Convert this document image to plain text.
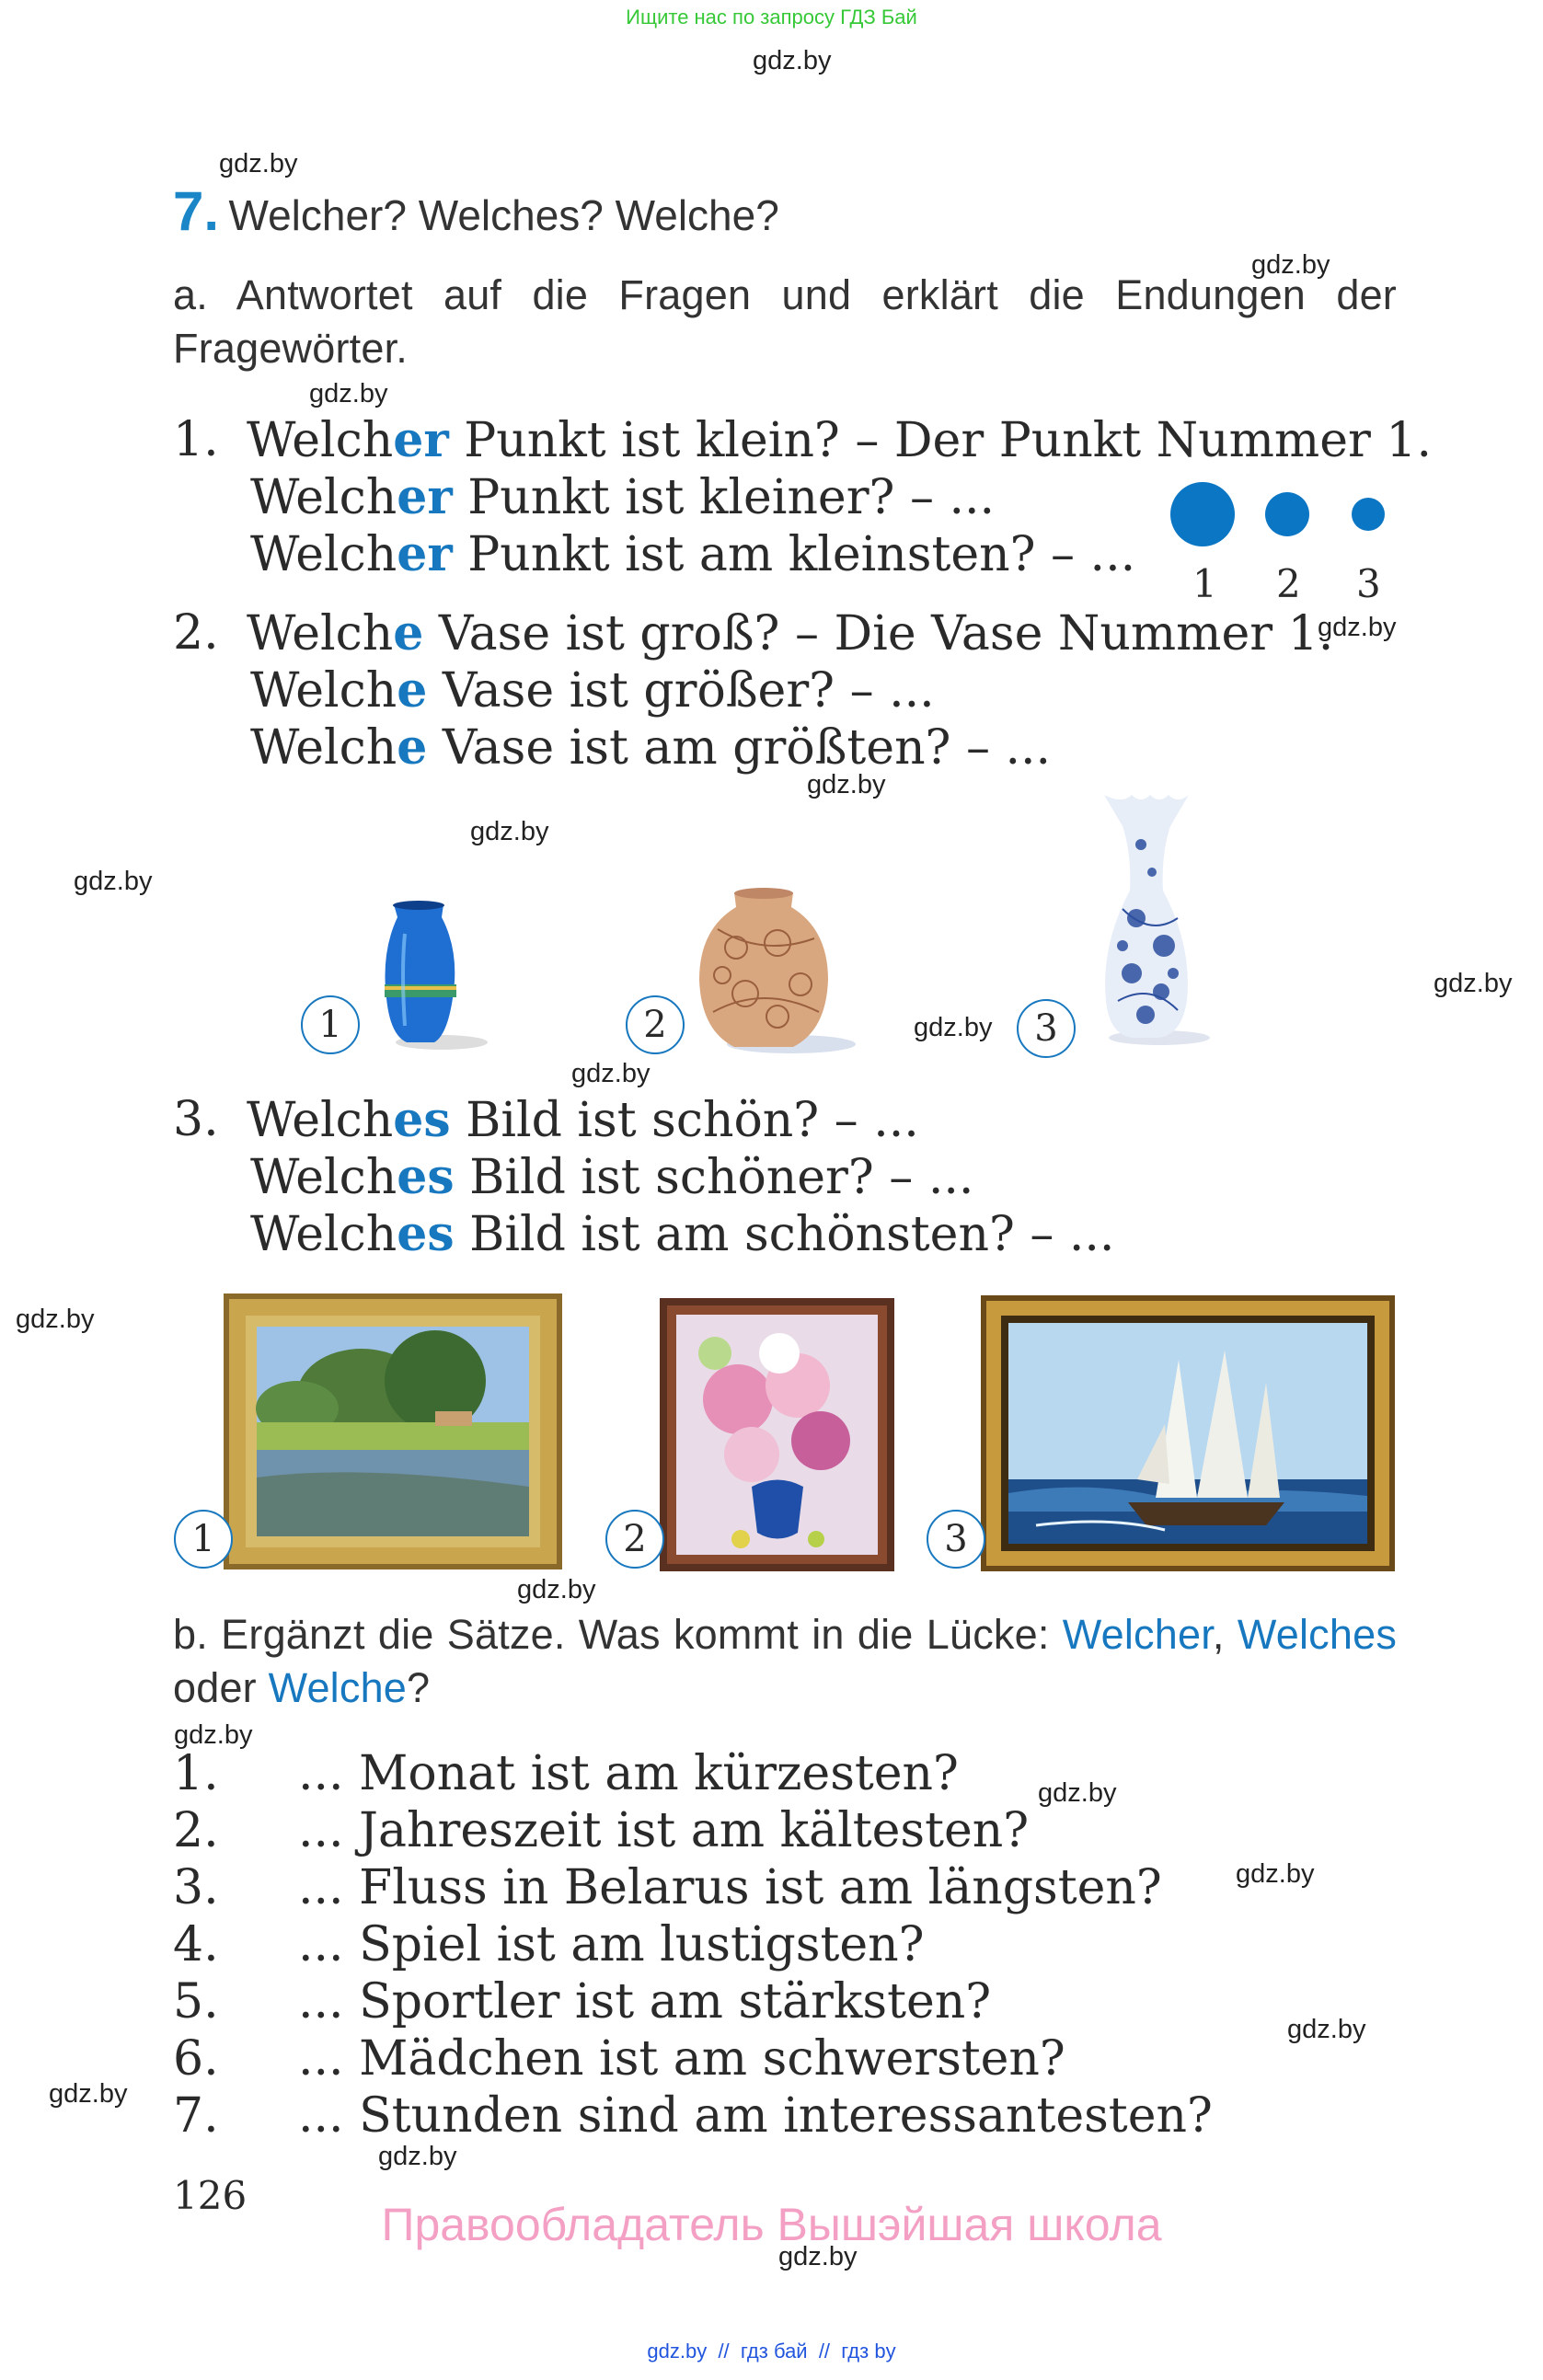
Ищите нас по запросу ГДЗ Бай
gdz.by
gdz.by
gdz.by
gdz.by
gdz.by
gdz.by
gdz.by
gdz.by
gdz.by
gdz.by
gdz.by
gdz.by
gdz.by
gdz.by
gdz.by
gdz.by
gdz.by
gdz.by
gdz.by
gdz.by
7. Welcher? Welches? Welche?
a. Antwortet auf die Fragen und erklärt die Endungen der Fragewörter.
1. Welcher Punkt ist klein? – Der Punkt Nummer 1.
Welcher Punkt ist kleiner? – ...
Welcher Punkt ist am kleinsten? – ...
1 2 3
2. Welche Vase ist groß? – Die Vase Nummer 1.
Welche Vase ist größer? – ...
Welche Vase ist am größten? – ...
1	2	3
3. Welches Bild ist schön? – ...
Welches Bild ist schöner? – ...
Welches Bild ist am schönsten? – ...
1	2	3
b. Ergänzt die Sätze. Was kommt in die Lücke: Welcher, Welches oder Welche?
1. ... Monat ist am kürzesten?
2. ... Jahreszeit ist am kältesten?
3. ... Fluss in Belarus ist am längsten?
4. ... Spiel ist am lustigsten?
5. ... Sportler ist am stärksten?
6. ... Mädchen ist am schwersten?
7. ... Stunden sind am interessantesten?
126
Правообладатель Вышэйшая школа
gdz.by  //  гдз бай  //  гдз by
